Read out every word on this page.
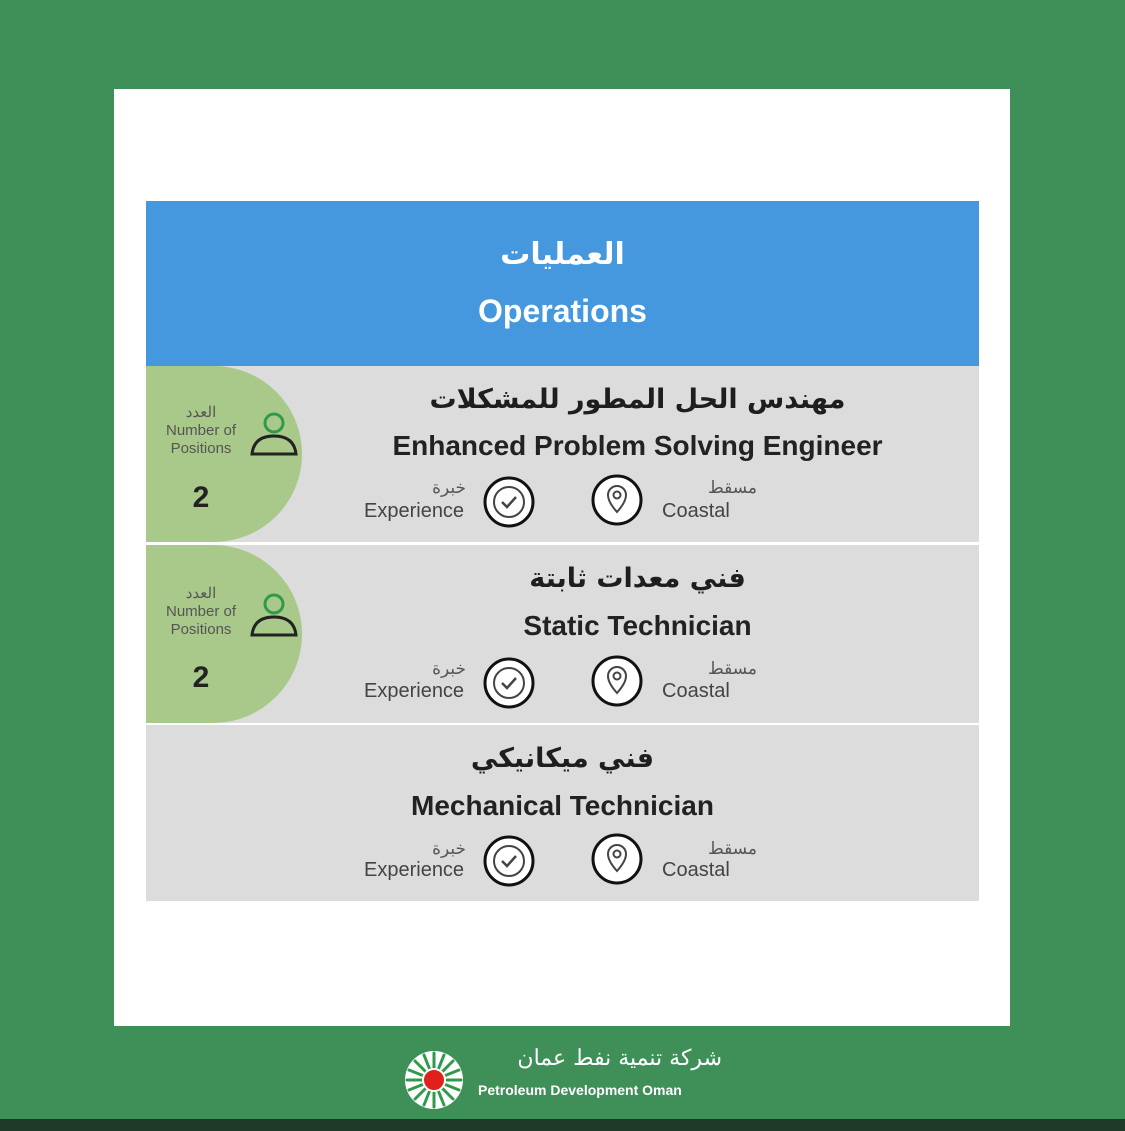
العمليات
Operations
العدد
Number of
Positions
2
مهندس الحل المطور للمشكلات
Enhanced Problem Solving Engineer
خبرة
Experience
مسقط
Coastal
العدد
Number of
Positions
2
فني معدات ثابتة
Static Technician
خبرة
Experience
مسقط
Coastal
فني ميكانيكي
Mechanical Technician
خبرة
Experience
مسقط
Coastal
شركة تنمية نفط عمان
Petroleum Development Oman
